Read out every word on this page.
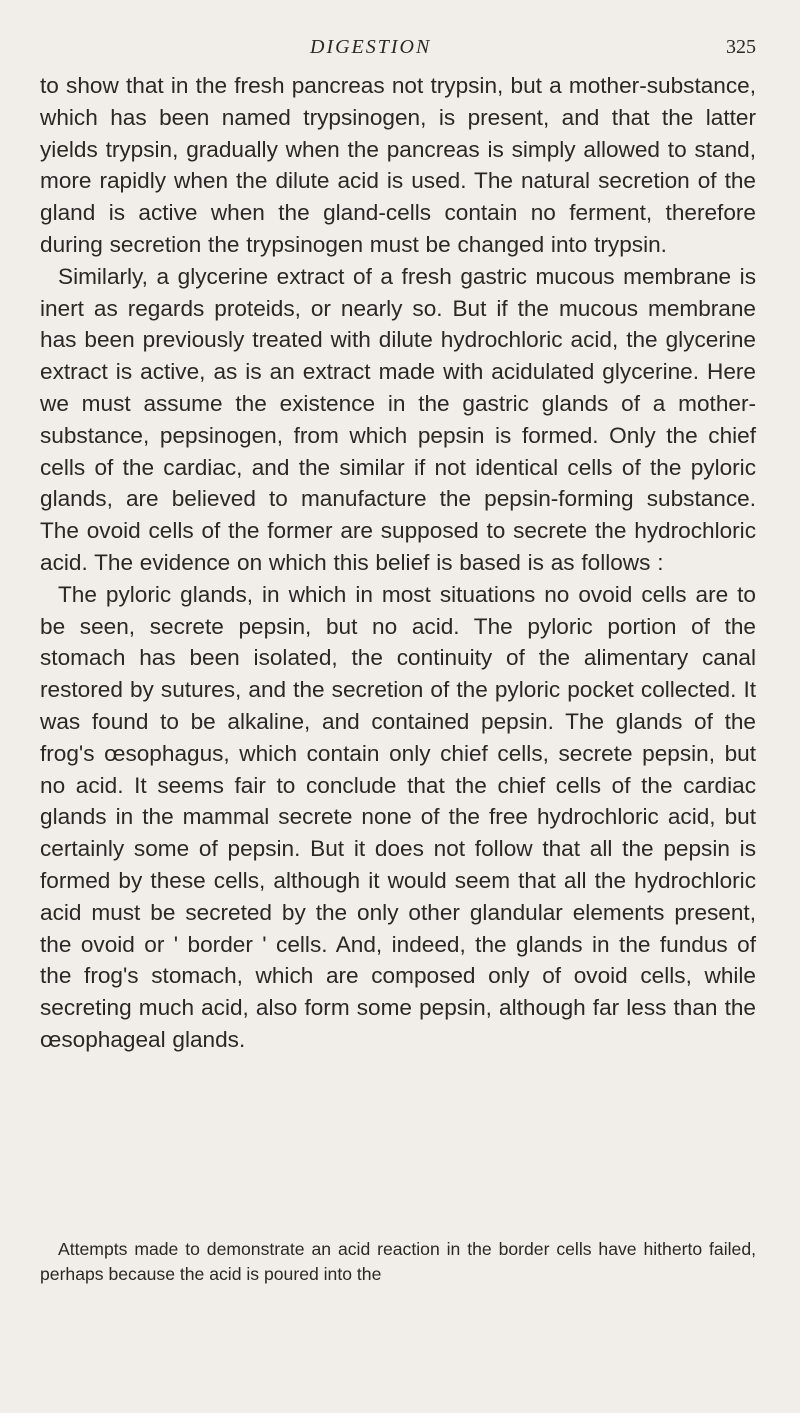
DIGESTION	325

to show that in the fresh pancreas not trypsin, but a mother-substance, which has been named trypsinogen, is present, and that the latter yields trypsin, gradually when the pancreas is simply allowed to stand, more rapidly when the dilute acid is used. The natural secretion of the gland is active when the gland-cells contain no ferment, therefore during secretion the trypsinogen must be changed into trypsin.

Similarly, a glycerine extract of a fresh gastric mucous membrane is inert as regards proteids, or nearly so. But if the mucous membrane has been previously treated with dilute hydrochloric acid, the glycerine extract is active, as is an extract made with acidulated glycerine. Here we must assume the existence in the gastric glands of a mother-substance, pepsinogen, from which pepsin is formed. Only the chief cells of the cardiac, and the similar if not identical cells of the pyloric glands, are believed to manufacture the pepsin-forming substance. The ovoid cells of the former are supposed to secrete the hydrochloric acid. The evidence on which this belief is based is as follows :

The pyloric glands, in which in most situations no ovoid cells are to be seen, secrete pepsin, but no acid. The pyloric portion of the stomach has been isolated, the continuity of the alimentary canal restored by sutures, and the secretion of the pyloric pocket collected. It was found to be alkaline, and contained pepsin. The glands of the frog's œsophagus, which contain only chief cells, secrete pepsin, but no acid. It seems fair to conclude that the chief cells of the cardiac glands in the mammal secrete none of the free hydrochloric acid, but certainly some of pepsin. But it does not follow that all the pepsin is formed by these cells, although it would seem that all the hydrochloric acid must be secreted by the only other glandular elements present, the ovoid or ' border ' cells. And, indeed, the glands in the fundus of the frog's stomach, which are composed only of ovoid cells, while secreting much acid, also form some pepsin, although far less than the œsophageal glands.

Attempts made to demonstrate an acid reaction in the border cells have hitherto failed, perhaps because the acid is poured into the
